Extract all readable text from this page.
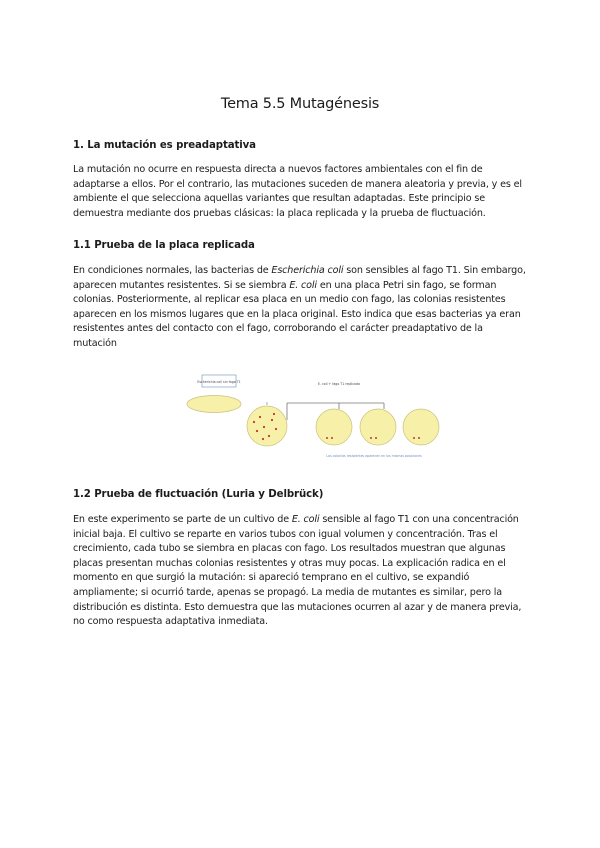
Tema 5.5 Mutagénesis
1. La mutación es preadaptativa

La mutación no ocurre en respuesta directa a nuevos factores ambientales con el fin de
adaptarse a ellos. Por el contrario, las mutaciones suceden de manera aleatoria y previa, y es el
ambiente el que selecciona aquellas variantes que resultan adaptadas. Este principio se
demuestra mediante dos pruebas clásicas: la placa replicada y la prueba de fluctuación.

1.1 Prueba de la placa replicada

En condiciones normales, las bacterias de Escherichia coli son sensibles al fago T1. Sin embargo,
aparecen mutantes resistentes. Si se siembra E. coli en una placa Petri sin fago, se forman
colonias. Posteriormente, al replicar esa placa en un medio con fago, las colonias resistentes
aparecen en los mismos lugares que en la placa original. Esto indica que esas bacterias ya eran
resistentes antes del contacto con el fago, corroborando el carácter preadaptativo de la
mutación

Escherichia coli sin fago T1	E. coli + fago T1 replicada
Las colonias resistentes aparecen en las mismas posiciones
1.2 Prueba de fluctuación (Luria y Delbrück)

En este experimento se parte de un cultivo de E. coli sensible al fago T1 con una concentración
inicial baja. El cultivo se reparte en varios tubos con igual volumen y concentración. Tras el
crecimiento, cada tubo se siembra en placas con fago. Los resultados muestran que algunas
placas presentan muchas colonias resistentes y otras muy pocas. La explicación radica en el
momento en que surgió la mutación: si apareció temprano en el cultivo, se expandió
ampliamente; si ocurrió tarde, apenas se propagó. La media de mutantes es similar, pero la
distribución es distinta. Esto demuestra que las mutaciones ocurren al azar y de manera previa,
no como respuesta adaptativa inmediata.
